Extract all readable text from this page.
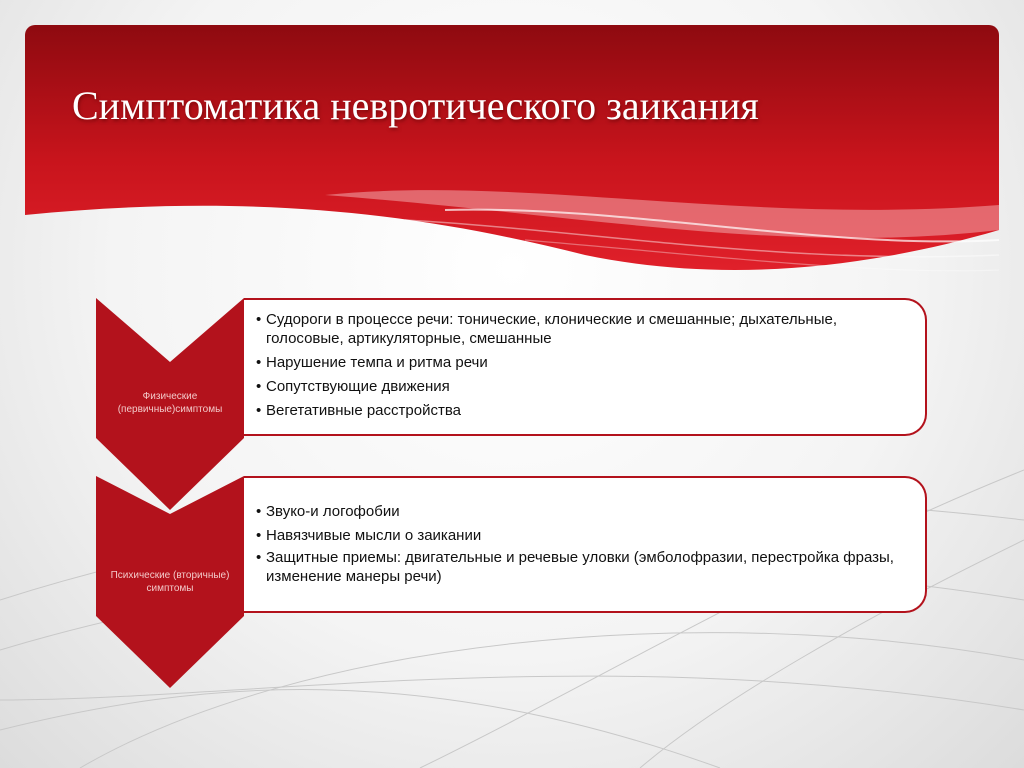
Симптоматика невротического заикания
Физические (первичные)симптомы
• Судороги в процессе речи: тонические, клонические и смешанные; дыхательные, голосовые, артикуляторные, смешанные
• Нарушение темпа и ритма речи
• Сопутствующие движения
• Вегетативные расстройства
Психические (вторичные) симптомы
• Звуко-и логофобии
• Навязчивые мысли о заикании
• Защитные приемы: двигательные и речевые уловки (эмболофразии, перестройка фразы, изменение манеры речи)
